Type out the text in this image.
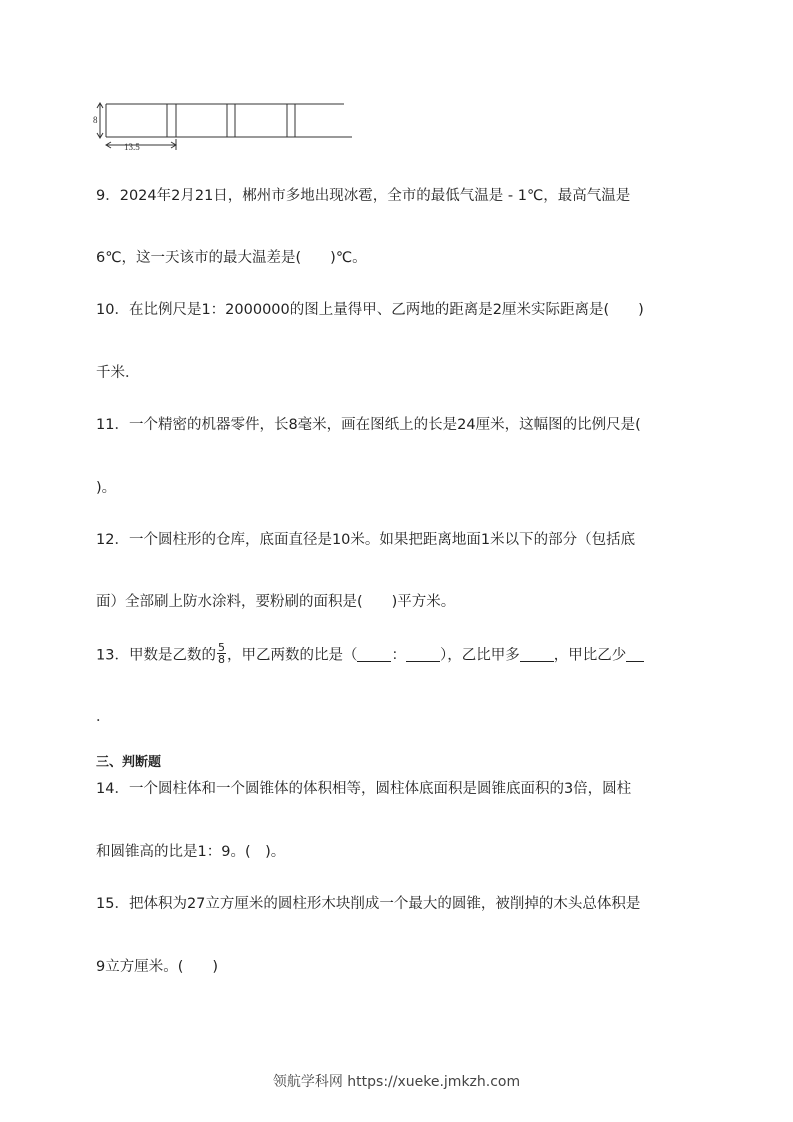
8
13.5
9．2024年2月21日，郴州市多地出现冰雹，全市的最低气温是 - 1℃，最高气温是
6℃，这一天该市的最大温差是(　　)℃。
10．在比例尺是1：2000000的图上量得甲、乙两地的距离是2厘米实际距离是(　　)
千米．
11．一个精密的机器零件，长8毫米，画在图纸上的长是24厘米，这幅图的比例尺是(
)。
12．一个圆柱形的仓库，底面直径是10米。如果把距离地面1米以下的部分（包括底
面）全部刷上防水涂料，要粉刷的面积是(　　)平方米。
13．甲数是乙数的 $\frac{5}{8}$ ，甲乙两数的比是（ ： ），乙比甲多 ，甲比乙少
．
三、判断题
14．一个圆柱体和一个圆锥体的体积相等，圆柱体底面积是圆锥底面积的3倍，圆柱
和圆锥高的比是1：9。(　)。
15．把体积为27立方厘米的圆柱形木块削成一个最大的圆锥，被削掉的木头总体积是
9立方厘米。(　　)
领航学科网 https://xueke.jmkzh.com
